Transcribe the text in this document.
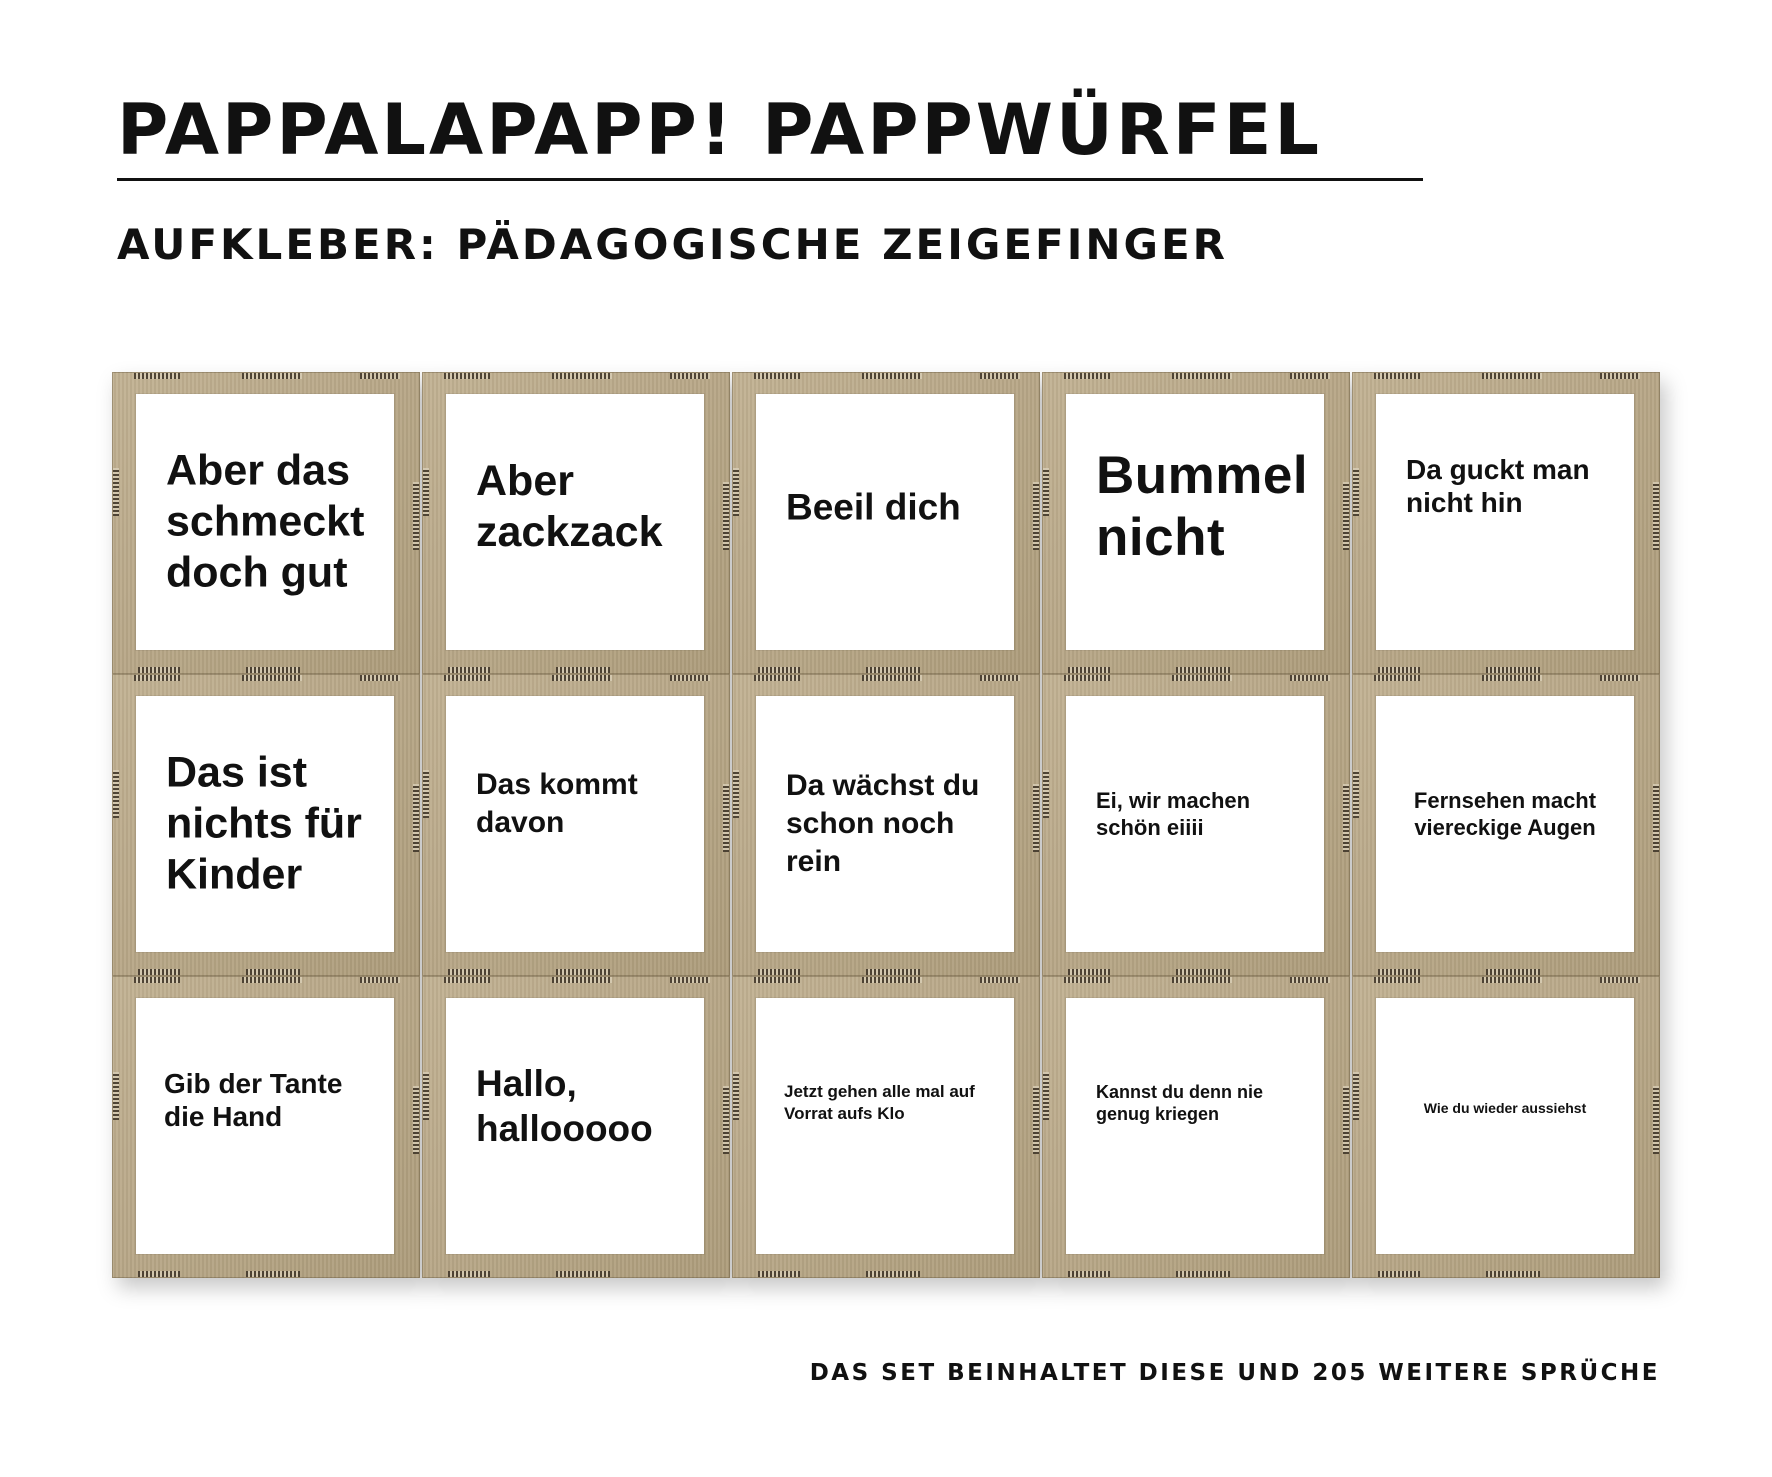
PAPPALAPAPP! PAPPWÜRFEL
AUFKLEBER: PÄDAGOGISCHE ZEIGEFINGER

Aber das schmeckt doch gut

Aber zackzack

Beeil dich

Bummel nicht

Da guckt man nicht hin

Das ist nichts für Kinder

Das kommt davon

Da wächst du schon noch rein

Ei, wir machen schön eiiii

Fernsehen macht viereckige Augen

Gib der Tante die Hand

Hallo, hallooooo

Jetzt gehen alle mal auf Vorrat aufs Klo

Kannst du denn nie genug kriegen	Wie du wieder aussiehst

DAS SET BEINHALTET DIESE UND 205 WEITERE SPRÜCHE
